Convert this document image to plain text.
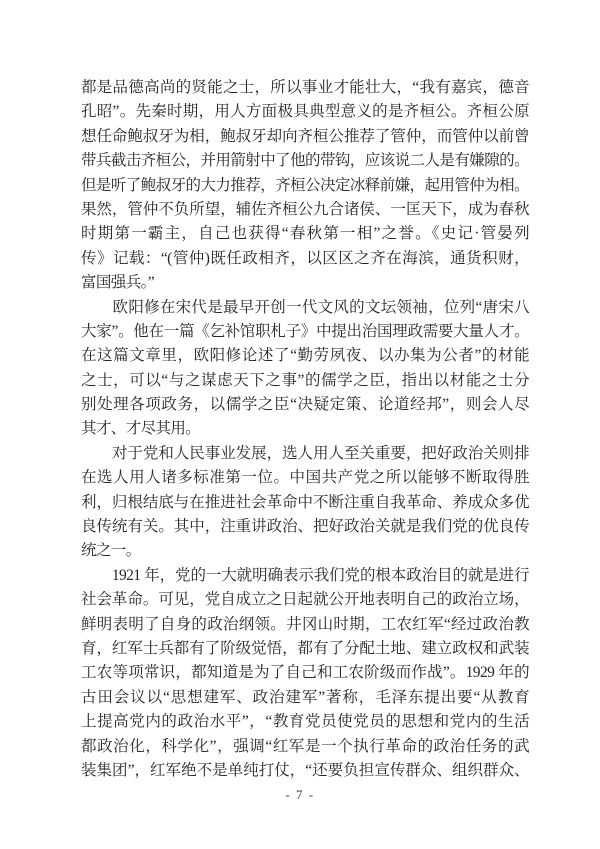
都是品德高尚的贤能之士，所以事业才能壮大，“我有嘉宾，德音
孔昭”。先秦时期，用人方面极具典型意义的是齐桓公。齐桓公原
想任命鲍叔牙为相，鲍叔牙却向齐桓公推荐了管仲，而管仲以前曾
带兵截击齐桓公，并用箭射中了他的带钩，应该说二人是有嫌隙的。
但是听了鲍叔牙的大力推荐，齐桓公决定冰释前嫌，起用管仲为相。
果然，管仲不负所望，辅佐齐桓公九合诸侯、一匡天下，成为春秋
时期第一霸主，自己也获得“春秋第一相”之誉。《史记·管晏列
传》记载：“(管仲)既任政相齐，以区区之齐在海滨，通货积财，
富国强兵。”
　　欧阳修在宋代是最早开创一代文风的文坛领袖，位列“唐宋八
大家”。他在一篇《乞补馆职札子》中提出治国理政需要大量人才。
在这篇文章里，欧阳修论述了“勤劳夙夜、以办集为公者”的材能
之士，可以“与之谋虑天下之事”的儒学之臣，指出以材能之士分
别处理各项政务，以儒学之臣“决疑定策、论道经邦”，则会人尽
其才、才尽其用。
　　对于党和人民事业发展，选人用人至关重要，把好政治关则排
在选人用人诸多标准第一位。中国共产党之所以能够不断取得胜
利，归根结底与在推进社会革命中不断注重自我革命、养成众多优
良传统有关。其中，注重讲政治、把好政治关就是我们党的优良传
统之一。
　　1921 年，党的一大就明确表示我们党的根本政治目的就是进行
社会革命。可见，党自成立之日起就公开地表明自己的政治立场，
鲜明表明了自身的政治纲领。井冈山时期，工农红军“经过政治教
育，红军士兵都有了阶级觉悟，都有了分配土地、建立政权和武装
工农等项常识，都知道是为了自己和工农阶级而作战”。1929 年的
古田会议以“思想建军、政治建军”著称，毛泽东提出要“从教育
上提高党内的政治水平”，“教育党员使党员的思想和党内的生活
都政治化，科学化”，强调“红军是一个执行革命的政治任务的武
装集团”，红军绝不是单纯打仗，“还要负担宣传群众、组织群众、
- 7 -
